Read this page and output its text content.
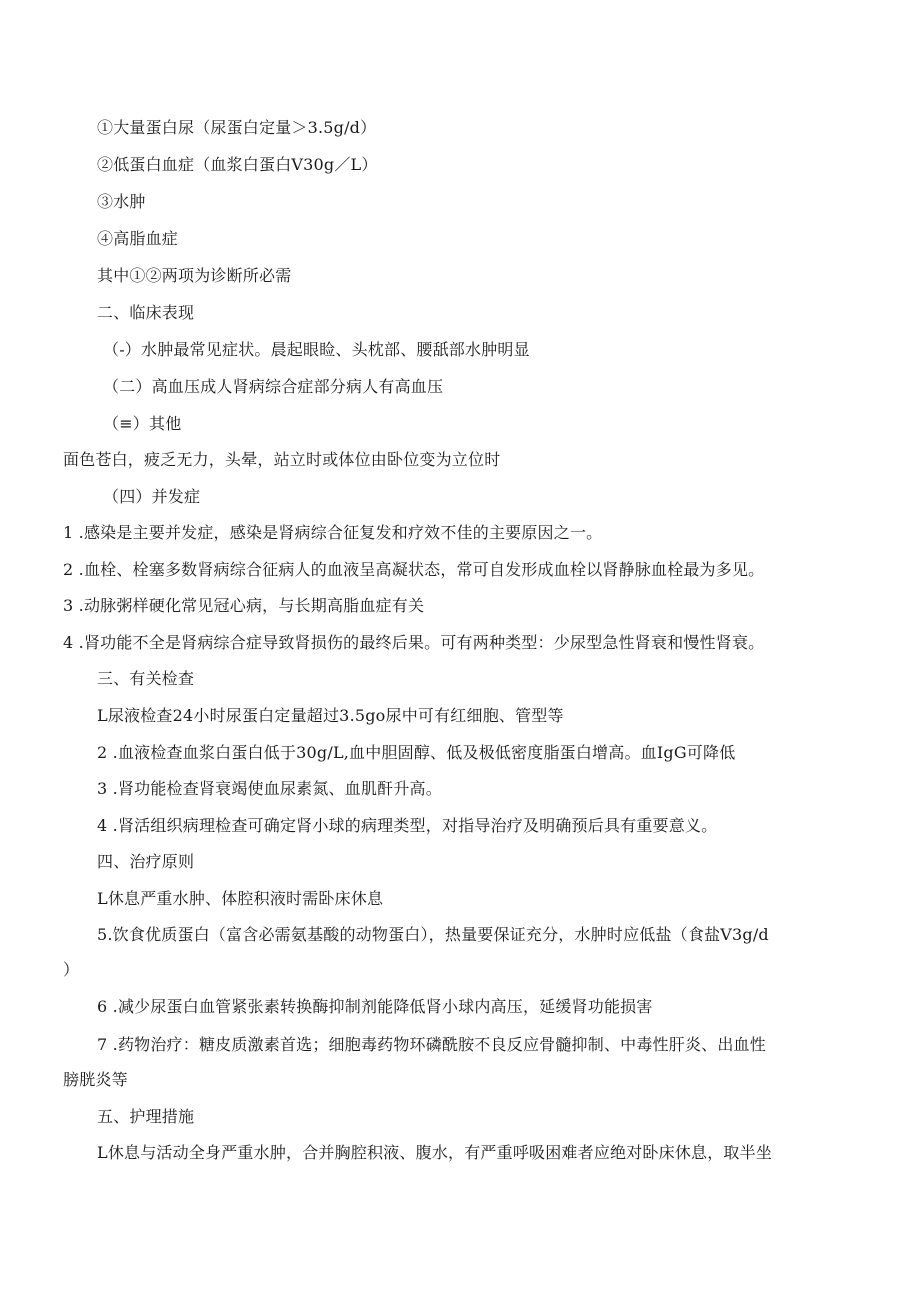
①大量蛋白尿（尿蛋白定量＞3.5g/d）
②低蛋白血症（血浆白蛋白V30g／L）
③水肿
④高脂血症
其中①②两项为诊断所必需
二、临床表现
（-）水肿最常见症状。晨起眼睑、头枕部、腰舐部水肿明显
（二）高血压成人肾病综合症部分病人有高血压
（≡）其他
面色苍白，疲乏无力，头晕，站立时或体位由卧位变为立位时
（四）并发症
1 .感染是主要并发症，感染是肾病综合征复发和疗效不佳的主要原因之一。
2 .血栓、栓塞多数肾病综合征病人的血液呈高凝状态，常可自发形成血栓以肾静脉血栓最为多见。
3 .动脉粥样硬化常见冠心病，与长期高脂血症有关
4 .肾功能不全是肾病综合症导致肾损伤的最终后果。可有两种类型：少尿型急性肾衰和慢性肾衰。
三、有关检查
L尿液检查24小时尿蛋白定量超过3.5go尿中可有红细胞、管型等
2 .血液检查血浆白蛋白低于30g/L,血中胆固醇、低及极低密度脂蛋白增高。血IgG可降低
3 .肾功能检查肾衰竭使血尿素氮、血肌酐升高。
4 .肾活组织病理检查可确定肾小球的病理类型，对指导治疗及明确预后具有重要意义。
四、治疗原则
L休息严重水肿、体腔积液时需卧床休息
5.饮食优质蛋白（富含必需氨基酸的动物蛋白），热量要保证充分，水肿时应低盐（食盐V3g/d
）
6 .减少尿蛋白血管紧张素转换酶抑制剂能降低肾小球内高压，延缓肾功能损害
7 .药物治疗：糖皮质激素首选；细胞毒药物环磷酰胺不良反应骨髓抑制、中毒性肝炎、出血性
膀胱炎等
五、护理措施
L休息与活动全身严重水肿，合并胸腔积液、腹水，有严重呼吸困难者应绝对卧床休息，取半坐
